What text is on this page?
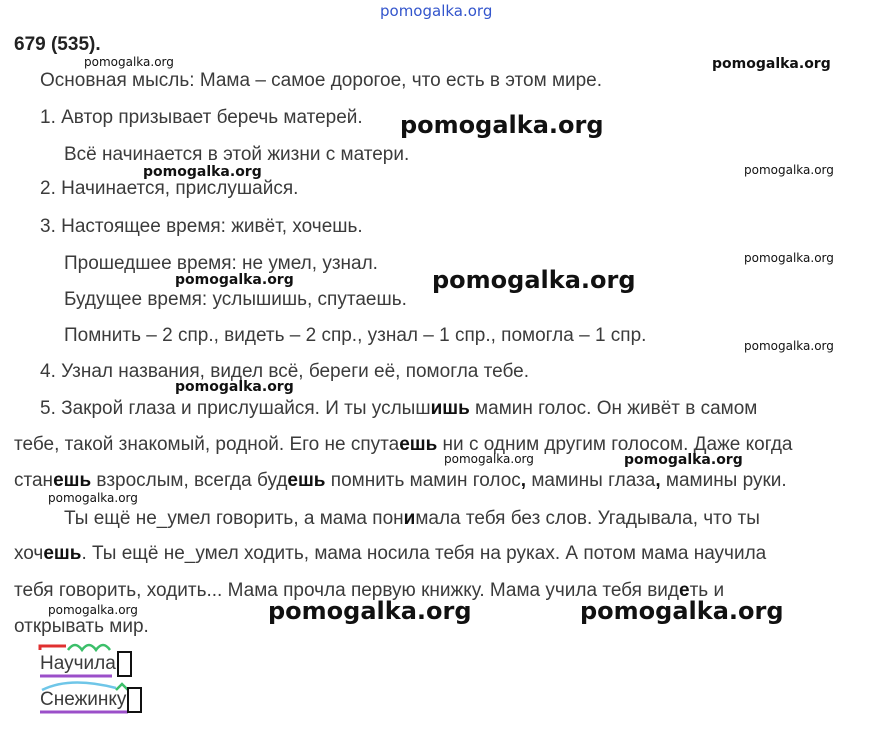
pomogalka.org
679 (535).
Основная мысль: Мама – самое дорогое, что есть в этом мире.
1. Автор призывает беречь матерей.
Всё начинается в этой жизни с матери.
2. Начинается, прислушайся.
3. Настоящее время: живёт, хочешь.
Прошедшее время: не умел, узнал.
Будущее время: услышишь, спутаешь.
Помнить – 2 спр., видеть – 2 спр., узнал – 1 спр., помогла – 1 спр.
4. Узнал названия, видел всё, береги её, помогла тебе.
5. Закрой глаза и прислушайся. И ты услышишь мамин голос. Он живёт в самом
тебе, такой знакомый, родной. Его не спутаешь ни с одним другим голосом. Даже когда
станешь взрослым, всегда будешь помнить мамин голос, мамины глаза, мамины руки.
Ты ещё не_умел говорить, а мама понимала тебя без слов. Угадывала, что ты
хочешь. Ты ещё не_умел ходить, мама носила тебя на руках. А потом мама научила
тебя говорить, ходить... Мама прочла первую книжку. Мама учила тебя видеть и
открывать мир.
Научила
Снежинку
pomogalka.org	pomogalka.org
pomogalka.org
pomogalka.org	pomogalka.org
pomogalka.org
pomogalka.org	pomogalka.org
pomogalka.org
pomogalka.org
pomogalka.org	pomogalka.org
pomogalka.org
pomogalka.org	pomogalka.org	pomogalka.org
